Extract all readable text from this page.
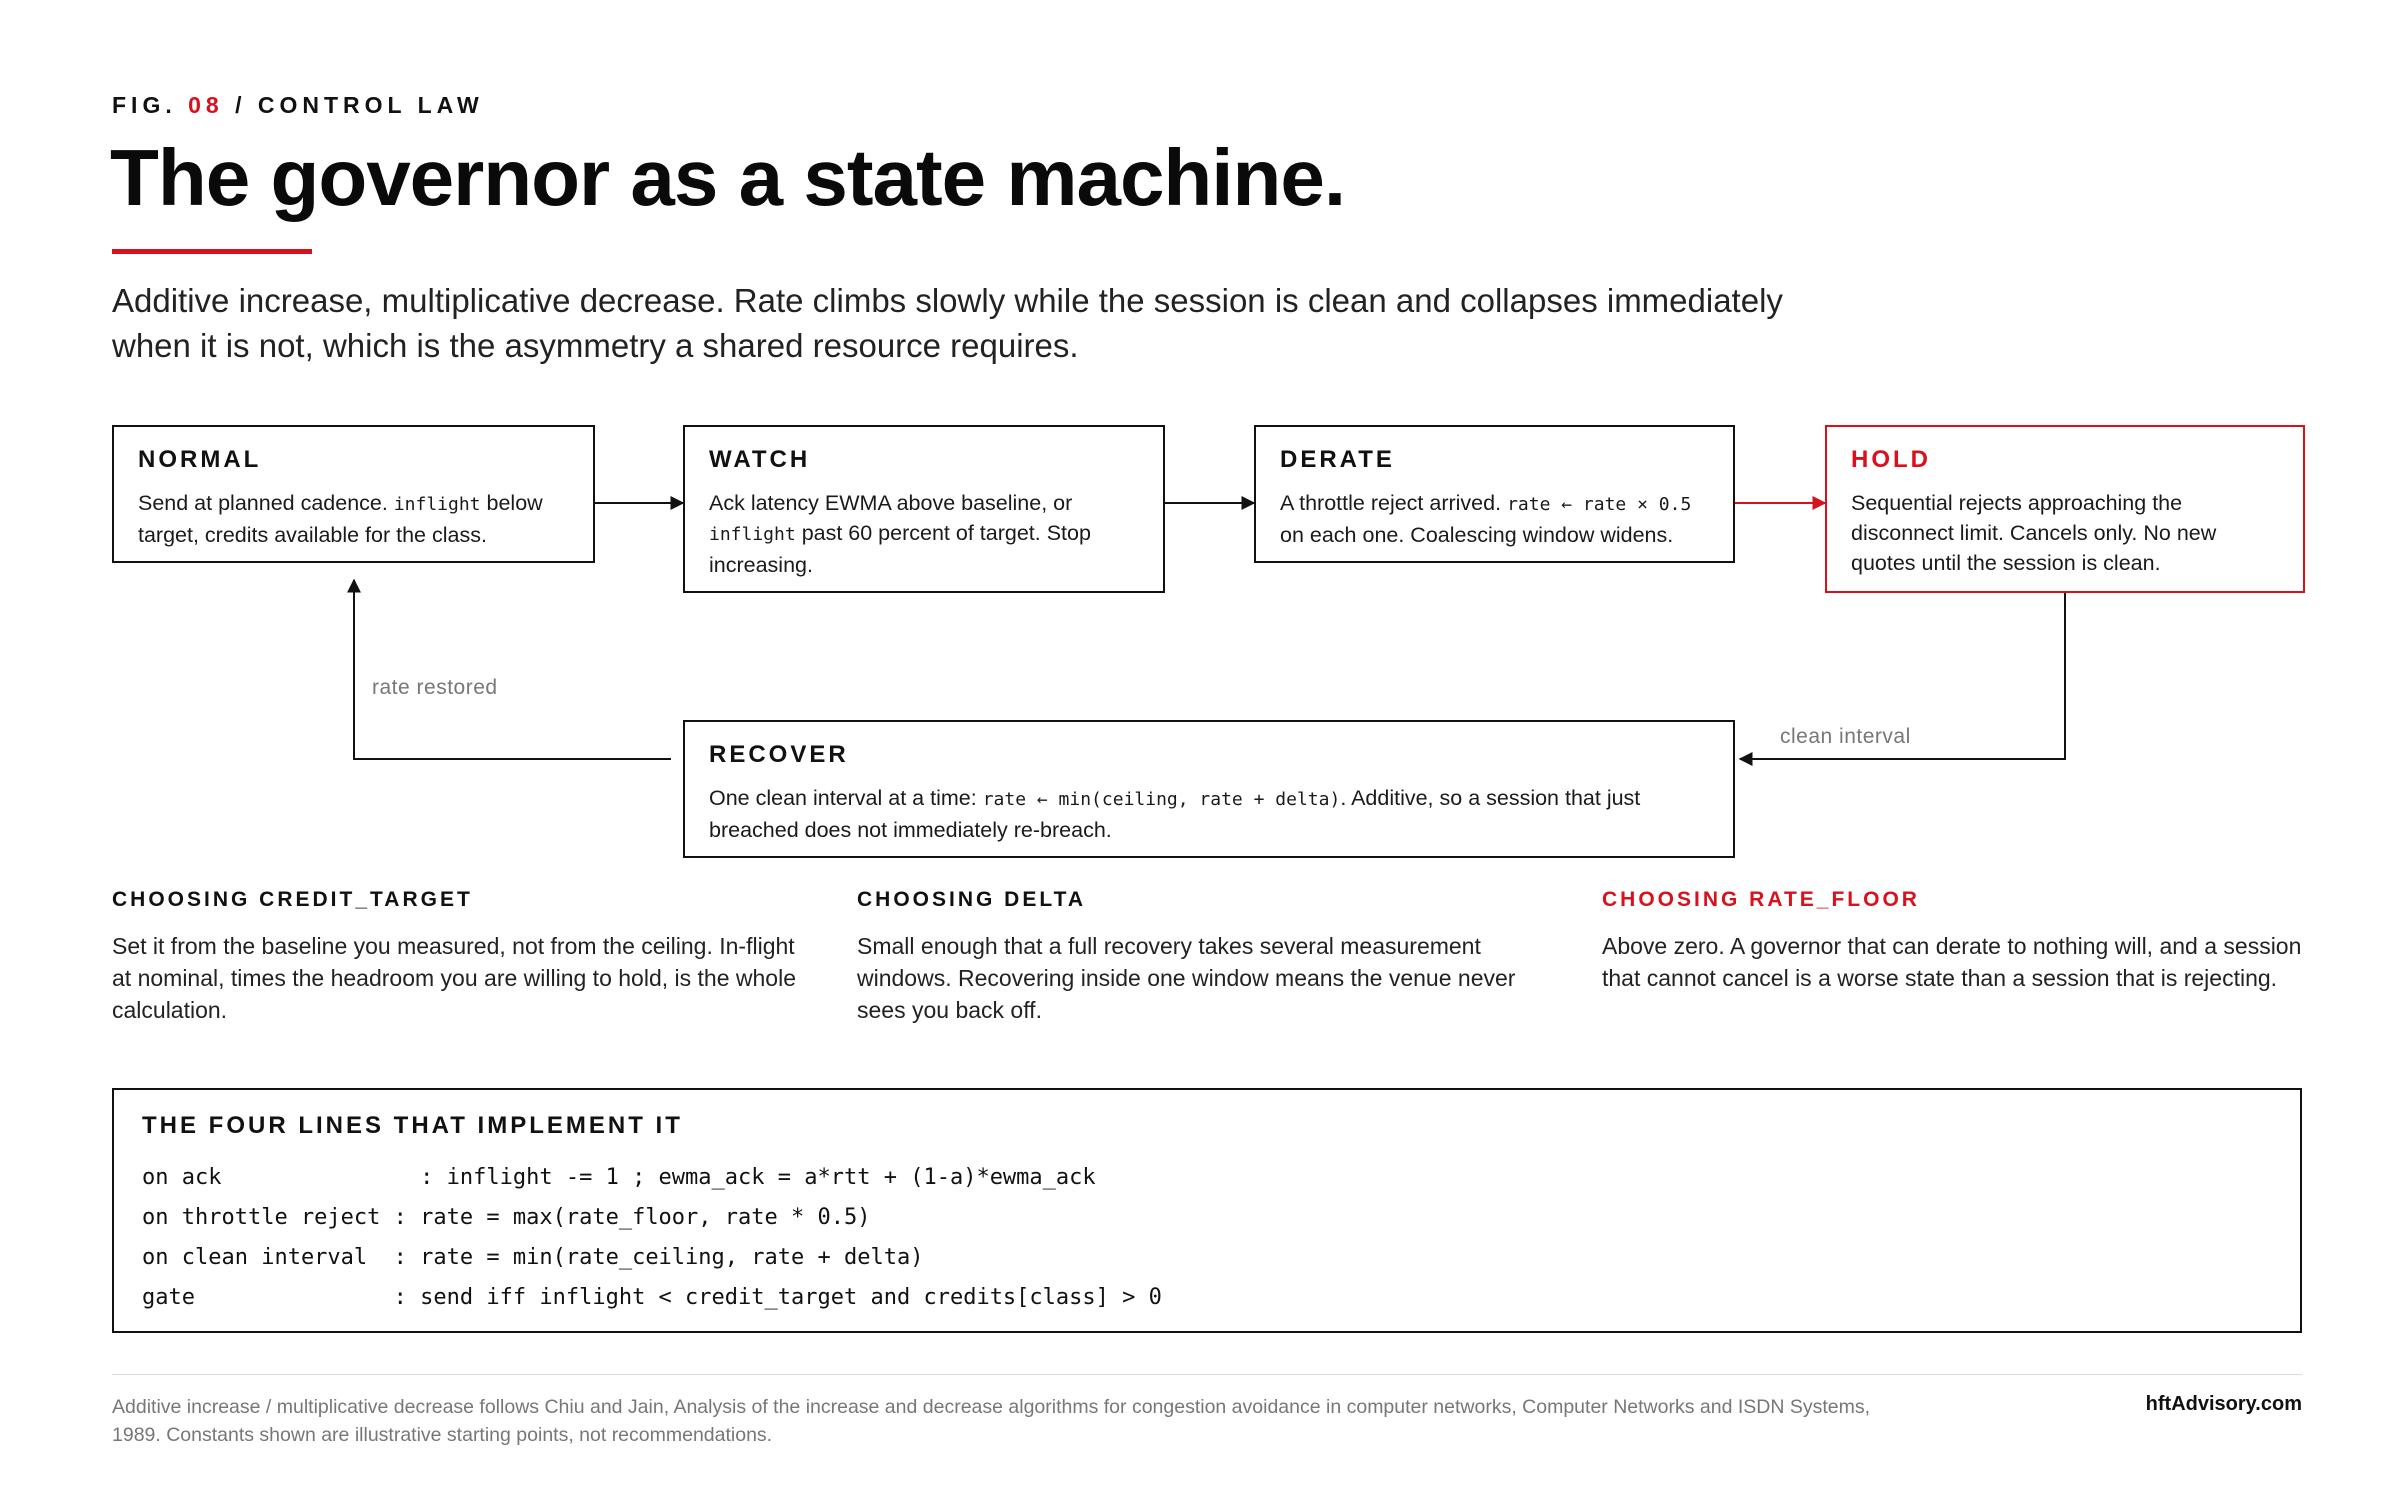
FIG. 08 / CONTROL LAW

The governor as a state machine.

Additive increase, multiplicative decrease. Rate climbs slowly while the session is clean and collapses immediately when it is not, which is the asymmetry a shared resource requires.

NORMAL

Send at planned cadence. inflight below target, credits available for the class.

WATCH

Ack latency EWMA above baseline, or inflight past 60 percent of target. Stop increasing.

DERATE

A throttle reject arrived. rate ← rate × 0.5 on each one. Coalescing window widens.

HOLD

Sequential rejects approaching the disconnect limit. Cancels only. No new quotes until the session is clean.

RECOVER

One clean interval at a time: rate ← min(ceiling, rate + delta). Additive, so a session that just breached does not immediately re-breach.

rate restored

clean interval

CHOOSING CREDIT_TARGET

Set it from the baseline you measured, not from the ceiling. In-flight at nominal, times the headroom you are willing to hold, is the whole calculation.

CHOOSING DELTA

Small enough that a full recovery takes several measurement windows. Recovering inside one window means the venue never sees you back off.

CHOOSING RATE_FLOOR

Above zero. A governor that can derate to nothing will, and a session that cannot cancel is a worse state than a session that is rejecting.

THE FOUR LINES THAT IMPLEMENT IT

on ack               : inflight -= 1 ; ewma_ack = a*rtt + (1-a)*ewma_ack

on throttle reject : rate = max(rate_floor, rate * 0.5)

on clean interval  : rate = min(rate_ceiling, rate + delta)

gate               : send iff inflight < credit_target and credits[class] > 0

Additive increase / multiplicative decrease follows Chiu and Jain, Analysis of the increase and decrease algorithms for congestion avoidance in computer networks, Computer Networks and ISDN Systems, 1989. Constants shown are illustrative starting points, not recommendations.

hftAdvisory.com
